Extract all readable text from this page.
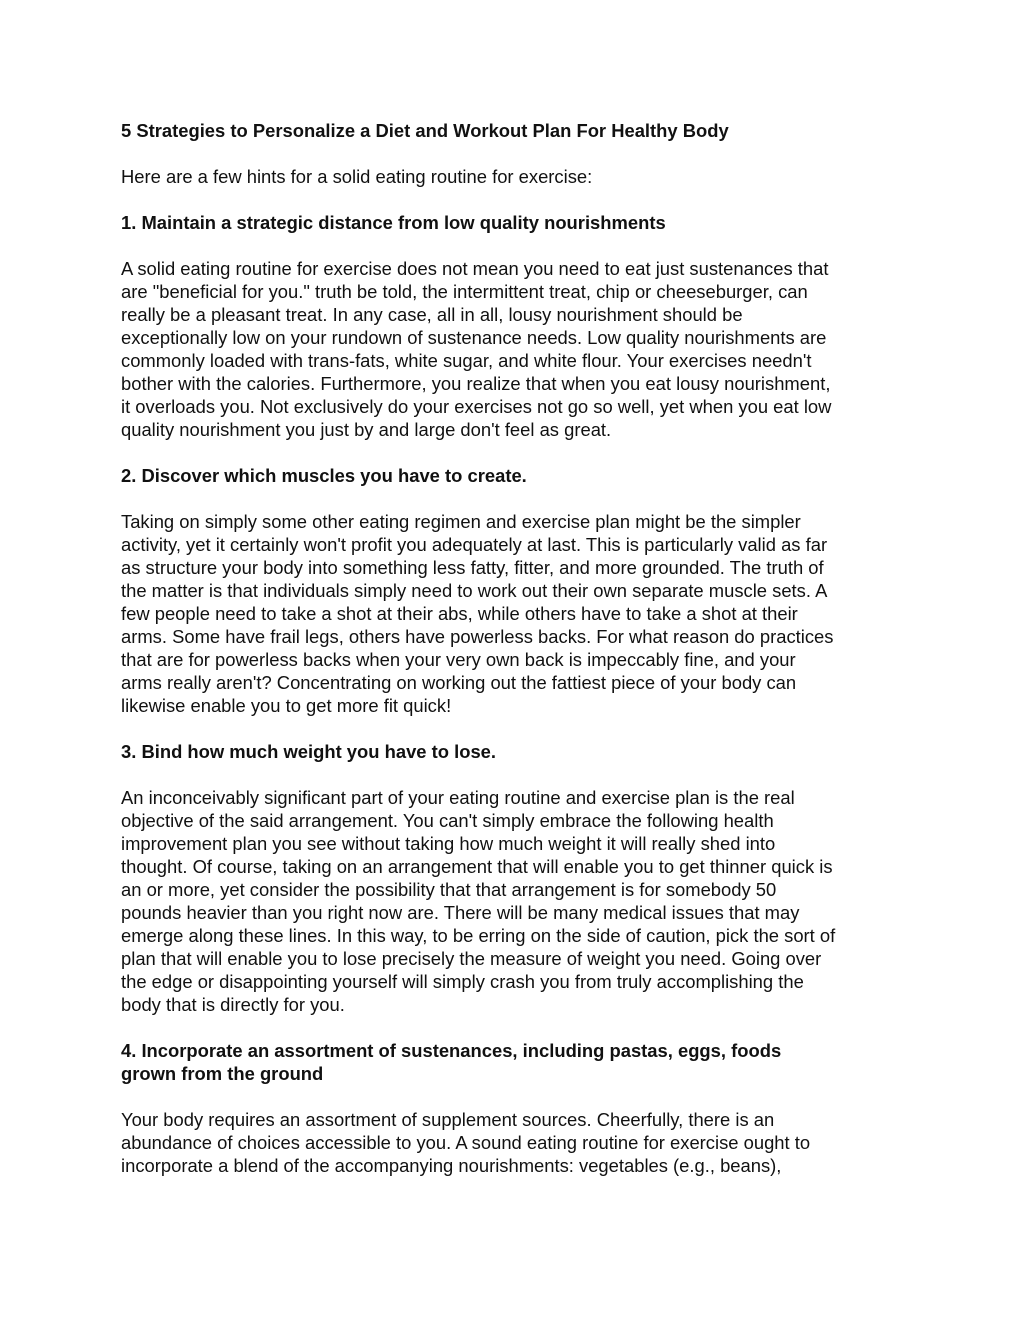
5 Strategies to Personalize a Diet and Workout Plan For Healthy Body
Here are a few hints for a solid eating routine for exercise:
1. Maintain a strategic distance from low quality nourishments
A solid eating routine for exercise does not mean you need to eat just sustenances that
are "beneficial for you." truth be told, the intermittent treat, chip or cheeseburger, can
really be a pleasant treat. In any case, all in all, lousy nourishment should be
exceptionally low on your rundown of sustenance needs. Low quality nourishments are
commonly loaded with trans-fats, white sugar, and white flour. Your exercises needn't
bother with the calories. Furthermore, you realize that when you eat lousy nourishment,
it overloads you. Not exclusively do your exercises not go so well, yet when you eat low
quality nourishment you just by and large don't feel as great.
2. Discover which muscles you have to create.
Taking on simply some other eating regimen and exercise plan might be the simpler
activity, yet it certainly won't profit you adequately at last. This is particularly valid as far
as structure your body into something less fatty, fitter, and more grounded. The truth of
the matter is that individuals simply need to work out their own separate muscle sets. A
few people need to take a shot at their abs, while others have to take a shot at their
arms. Some have frail legs, others have powerless backs. For what reason do practices
that are for powerless backs when your very own back is impeccably fine, and your
arms really aren't? Concentrating on working out the fattiest piece of your body can
likewise enable you to get more fit quick!
3. Bind how much weight you have to lose.
An inconceivably significant part of your eating routine and exercise plan is the real
objective of the said arrangement. You can't simply embrace the following health
improvement plan you see without taking how much weight it will really shed into
thought. Of course, taking on an arrangement that will enable you to get thinner quick is
an or more, yet consider the possibility that that arrangement is for somebody 50
pounds heavier than you right now are. There will be many medical issues that may
emerge along these lines. In this way, to be erring on the side of caution, pick the sort of
plan that will enable you to lose precisely the measure of weight you need. Going over
the edge or disappointing yourself will simply crash you from truly accomplishing the
body that is directly for you.
4. Incorporate an assortment of sustenances, including pastas, eggs, foods
grown from the ground
Your body requires an assortment of supplement sources. Cheerfully, there is an
abundance of choices accessible to you. A sound eating routine for exercise ought to
incorporate a blend of the accompanying nourishments: vegetables (e.g., beans),
